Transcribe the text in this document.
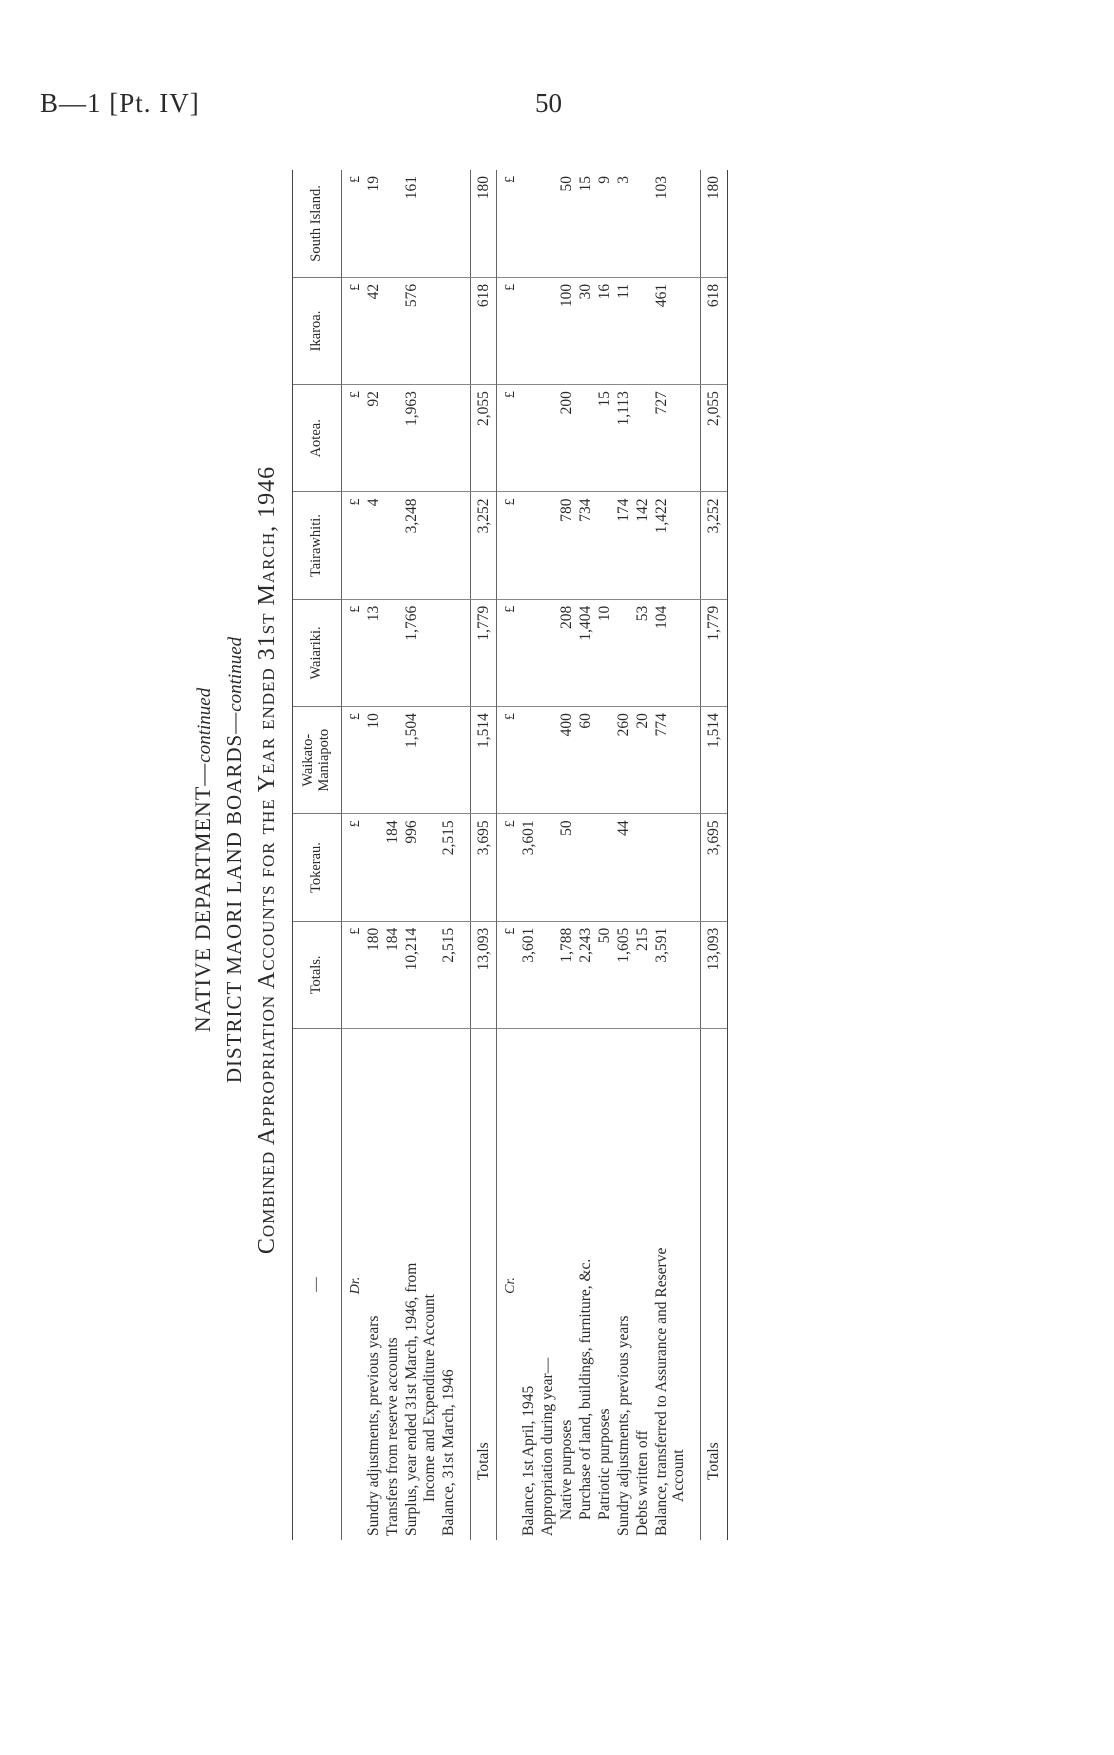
B—1 [Pt. IV]	50
NATIVE DEPARTMENT—continued DISTRICT MAORI LAND BOARDS—continued Combined Appropriation Accounts for the Year ended 31st March, 1946
—	Totals.	Tokerau.	Waikato-Maniapoto	Waiariki.	Tairawhiti.	Aotea.	Ikaroa.	South Island.
Dr.	£	£	£	£	£	£	£	£
Sundry adjustments, previous years	180		10	13	4	92	42	19
Transfers from reserve accounts	184	184						
Surplus, year ended 31st March, 1946, from Income and Expenditure Account	10,214	996	1,504	1,766	3,248	1,963	576	161
Balance, 31st March, 1946	2,515	2,515						

Totals	13,093	3,695	1,514	1,779	3,252	2,055	618	180
Cr.	£	£	£	£	£	£	£	£
Balance, 1st April, 1945	3,601	3,601						
Appropriation during year—								
Native purposes	1,788	50	400	208	780	200	100	50
Purchase of land, buildings, furniture, &c.	2,243		60	1,404	734		30	15
Patriotic purposes	50			10		15	16	9
Sundry adjustments, previous years	1,605	44	260		174	1,113	11	3
Debts written off	215		20	53	142			
Balance, transferred to Assurance and Reserve Account	3,591		774	104	1,422	727	461	103

Totals	13,093	3,695	1,514	1,779	3,252	2,055	618	180
